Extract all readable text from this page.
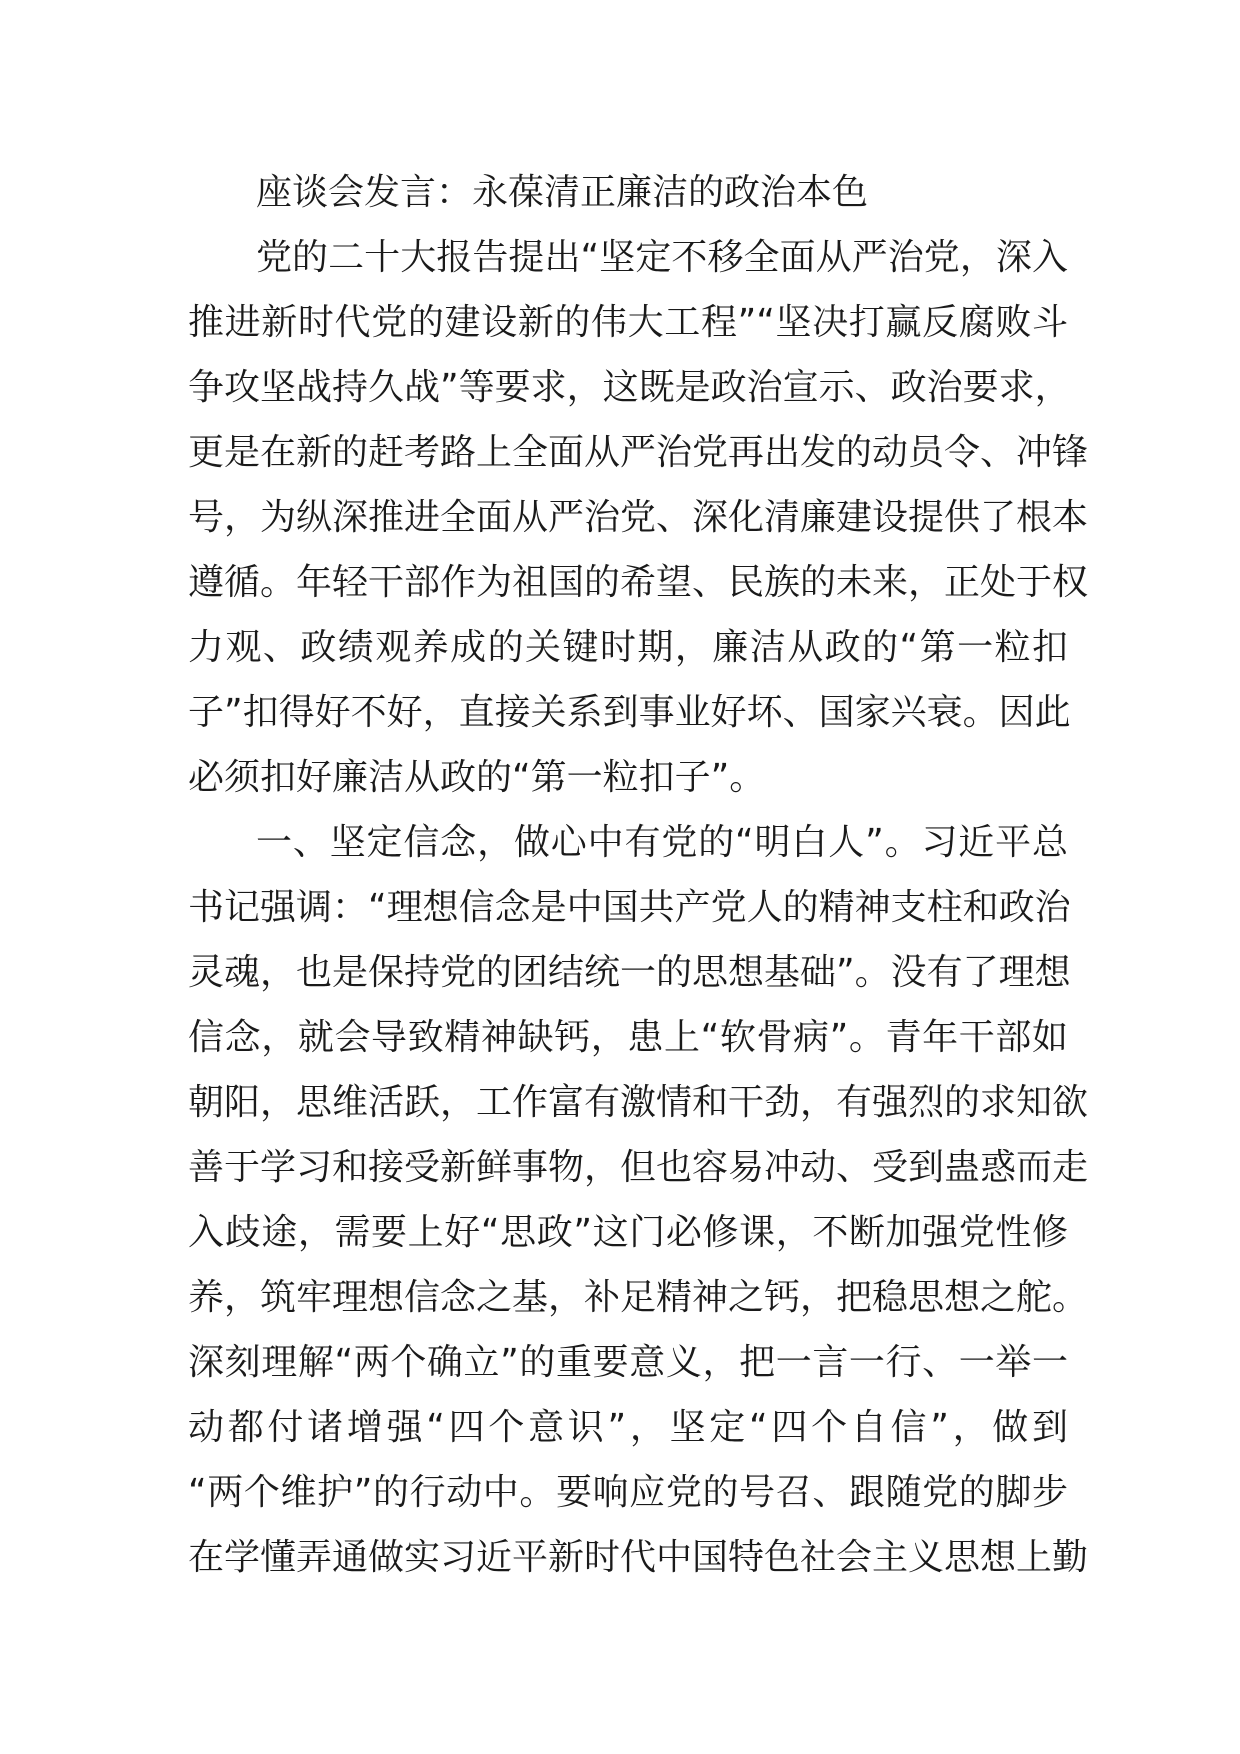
座谈会发言：永葆清正廉洁的政治本色
党的二十大报告提出“坚定不移全面从严治党，深入
推进新时代党的建设新的伟大工程”“坚决打赢反腐败斗
争攻坚战持久战”等要求，这既是政治宣示、政治要求，
更是在新的赶考路上全面从严治党再出发的动员令、冲锋
号，为纵深推进全面从严治党、深化清廉建设提供了根本
遵循。年轻干部作为祖国的希望、民族的未来，正处于权
力观、政绩观养成的关键时期，廉洁从政的“第一粒扣
子”扣得好不好，直接关系到事业好坏、国家兴衰。因此
必须扣好廉洁从政的“第一粒扣子”。
一、坚定信念，做心中有党的“明白人”。习近平总
书记强调：“理想信念是中国共产党人的精神支柱和政治
灵魂，也是保持党的团结统一的思想基础”。没有了理想
信念，就会导致精神缺钙，患上“软骨病”。青年干部如
朝阳，思维活跃，工作富有激情和干劲，有强烈的求知欲
善于学习和接受新鲜事物，但也容易冲动、受到蛊惑而走
入歧途，需要上好“思政”这门必修课，不断加强党性修
养，筑牢理想信念之基，补足精神之钙，把稳思想之舵。
深刻理解“两个确立”的重要意义，把一言一行、一举一
动都付诸增强“四个意识”，坚定“四个自信”，做到
“两个维护”的行动中。要响应党的号召、跟随党的脚步
在学懂弄通做实习近平新时代中国特色社会主义思想上勤
